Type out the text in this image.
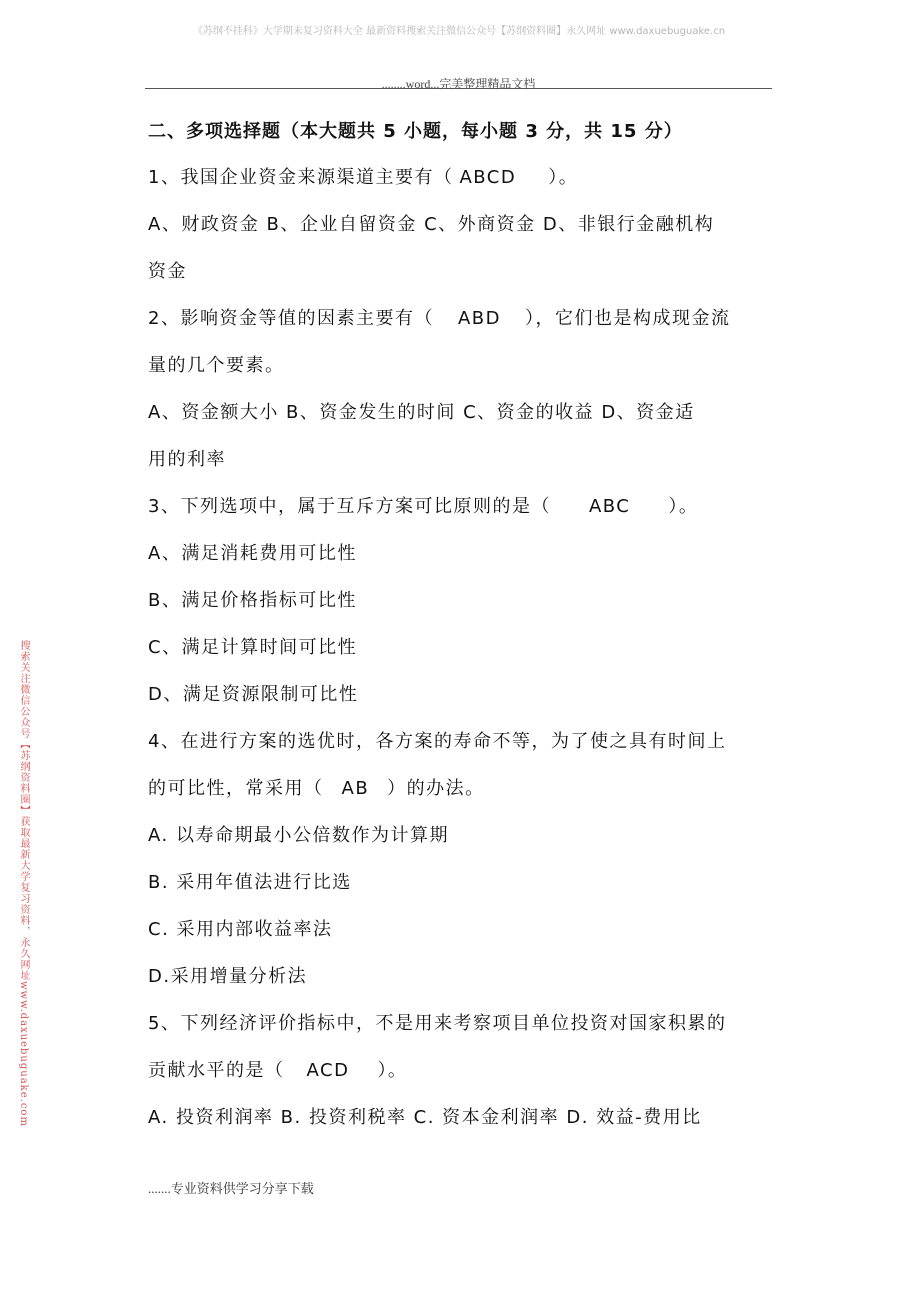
《苏纲不挂科》大学期末复习资料大全 最新资料搜索关注微信公众号【苏纲资料圈】永久网址 www.daxuebuguake.cn
........word...完美整理精品文档
搜索关注微信公众号【苏纲资料圈】获取最新大学复习资料，永久网址www.daxuebuguake.com
二、多项选择题（本大题共 5 小题，每小题 3 分，共 15 分）
1、我国企业资金来源渠道主要有（ ABCD ）。
A、财政资金 B、企业自留资金 C、外商资金 D、非银行金融机构
资金
2、影响资金等值的因素主要有（ ABD ），它们也是构成现金流
量的几个要素。
A、资金额大小 B、资金发生的时间 C、资金的收益 D、资金适
用的利率
3、下列选项中，属于互斥方案可比原则的是（ ABC ）。
A、满足消耗费用可比性
B、满足价格指标可比性
C、满足计算时间可比性
D、满足资源限制可比性
4、在进行方案的选优时，各方案的寿命不等，为了使之具有时间上
的可比性，常采用（ AB ）的办法。
A. 以寿命期最小公倍数作为计算期
B. 采用年值法进行比选
C. 采用内部收益率法
D.采用增量分析法
5、下列经济评价指标中，不是用来考察项目单位投资对国家积累的
贡献水平的是（ ACD ）。
A. 投资利润率 B. 投资利税率 C. 资本金利润率 D. 效益-费用比
.......专业资料供学习分享下载
